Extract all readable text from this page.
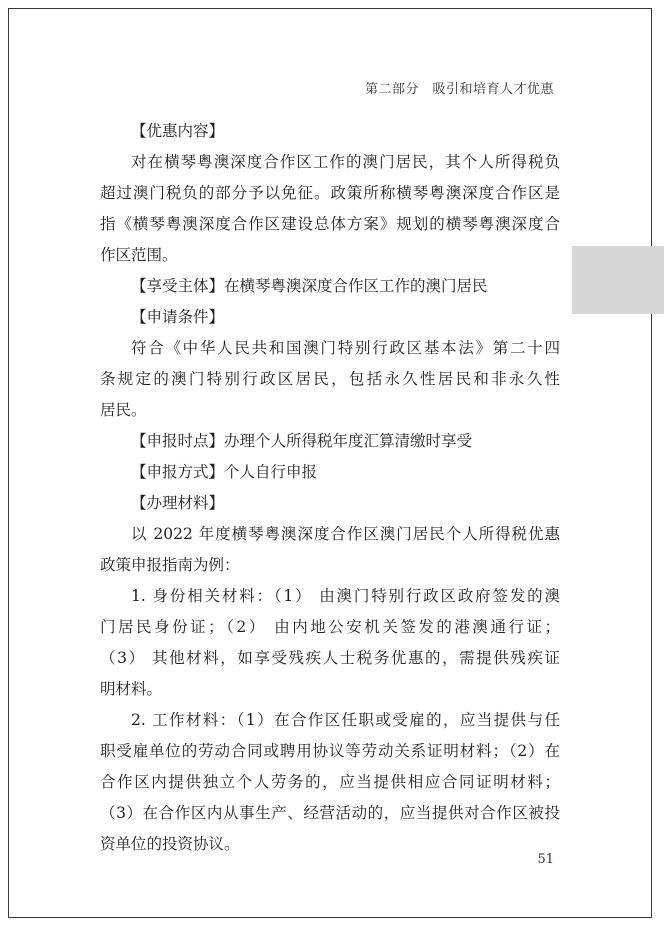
第二部分　吸引和培育人才优惠
【优惠内容】
对在横琴粤澳深度合作区工作的澳门居民，其个人所得税负
超过澳门税负的部分予以免征。政策所称横琴粤澳深度合作区是
指《横琴粤澳深度合作区建设总体方案》规划的横琴粤澳深度合
作区范围。
【享受主体】在横琴粤澳深度合作区工作的澳门居民
【申请条件】
符合《中华人民共和国澳门特别行政区基本法》第二十四
条规定的澳门特别行政区居民，包括永久性居民和非永久性
居民。
【申报时点】办理个人所得税年度汇算清缴时享受
【申报方式】个人自行申报
【办理材料】
以 2022 年度横琴粤澳深度合作区澳门居民个人所得税优惠
政策申报指南为例：
1. 身份相关材料：（1） 由澳门特别行政区政府签发的澳
门居民身份证；（2） 由内地公安机关签发的港澳通行证；
（3） 其他材料，如享受残疾人士税务优惠的，需提供残疾证
明材料。
2. 工作材料：（1）在合作区任职或受雇的，应当提供与任
职受雇单位的劳动合同或聘用协议等劳动关系证明材料；（2）在
合作区内提供独立个人劳务的，应当提供相应合同证明材料；
（3）在合作区内从事生产、经营活动的，应当提供对合作区被投
资单位的投资协议。
51
